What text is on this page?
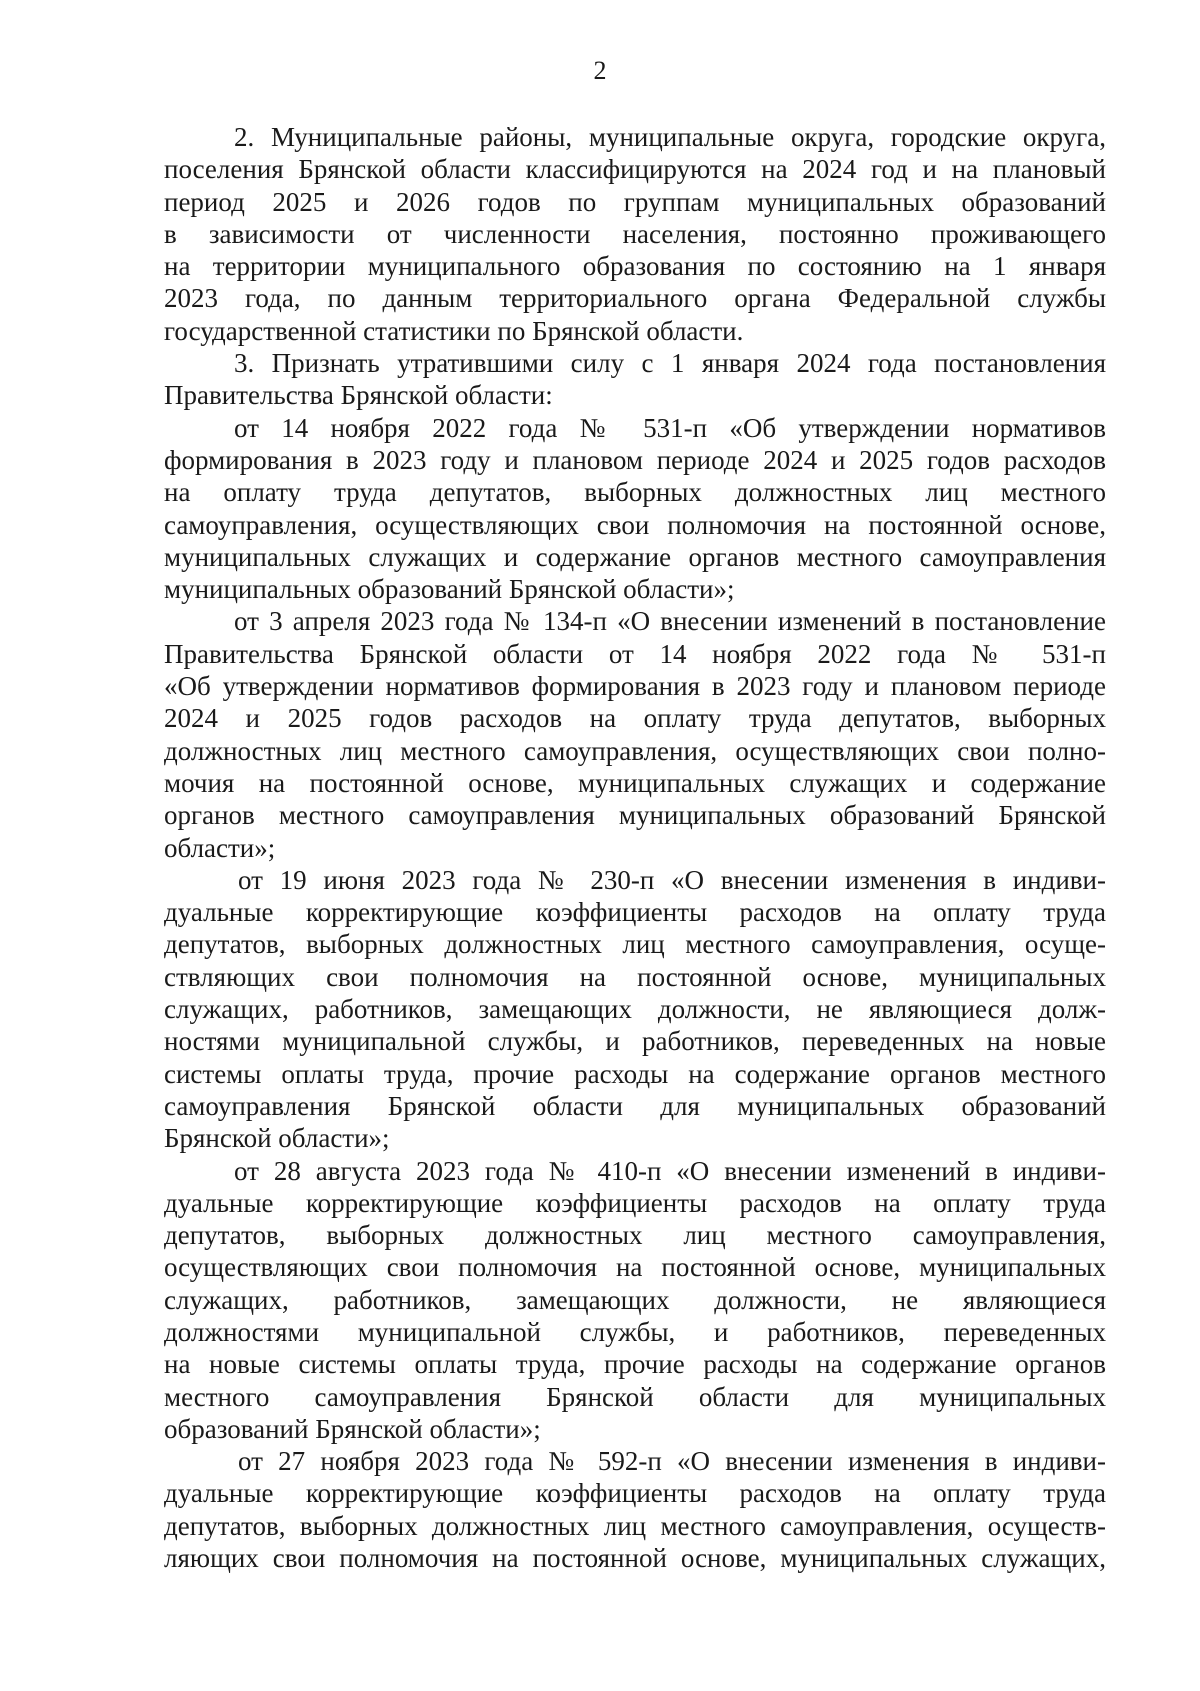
2
2. Муниципальные районы, муниципальные округа, городские округа,
поселения Брянской области классифицируются на 2024 год и на плановый
период 2025 и 2026 годов по группам муниципальных образований
в зависимости от численности населения, постоянно проживающего
на территории муниципального образования по состоянию на 1 января
2023 года, по данным территориального органа Федеральной службы
государственной статистики по Брянской области.
3. Признать утратившими силу с 1 января 2024 года постановления
Правительства Брянской области:
от 14 ноября 2022 года № 531-п «Об утверждении нормативов
формирования в 2023 году и плановом периоде 2024 и 2025 годов расходов
на оплату труда депутатов, выборных должностных лиц местного
самоуправления, осуществляющих свои полномочия на постоянной основе,
муниципальных служащих и содержание органов местного самоуправления
муниципальных образований Брянской области»;
от 3 апреля 2023 года № 134-п «О внесении изменений в постановление
Правительства Брянской области от 14 ноября 2022 года № 531-п
«Об утверждении нормативов формирования в 2023 году и плановом периоде
2024 и 2025 годов расходов на оплату труда депутатов, выборных
должностных лиц местного самоуправления, осуществляющих свои полно-
мочия на постоянной основе, муниципальных служащих и содержание
органов местного самоуправления муниципальных образований Брянской
области»;
от 19 июня 2023 года № 230-п «О внесении изменения в индиви-
дуальные корректирующие коэффициенты расходов на оплату труда
депутатов, выборных должностных лиц местного самоуправления, осуще-
ствляющих свои полномочия на постоянной основе, муниципальных
служащих, работников, замещающих должности, не являющиеся долж-
ностями муниципальной службы, и работников, переведенных на новые
системы оплаты труда, прочие расходы на содержание органов местного
самоуправления Брянской области для муниципальных образований
Брянской области»;
от 28 августа 2023 года № 410-п «О внесении изменений в индиви-
дуальные корректирующие коэффициенты расходов на оплату труда
депутатов, выборных должностных лиц местного самоуправления,
осуществляющих свои полномочия на постоянной основе, муниципальных
служащих, работников, замещающих должности, не являющиеся
должностями муниципальной службы, и работников, переведенных
на новые системы оплаты труда, прочие расходы на содержание органов
местного самоуправления Брянской области для муниципальных
образований Брянской области»;
от 27 ноября 2023 года № 592-п «О внесении изменения в индиви-
дуальные корректирующие коэффициенты расходов на оплату труда
депутатов, выборных должностных лиц местного самоуправления, осуществ-
ляющих свои полномочия на постоянной основе, муниципальных служащих,
